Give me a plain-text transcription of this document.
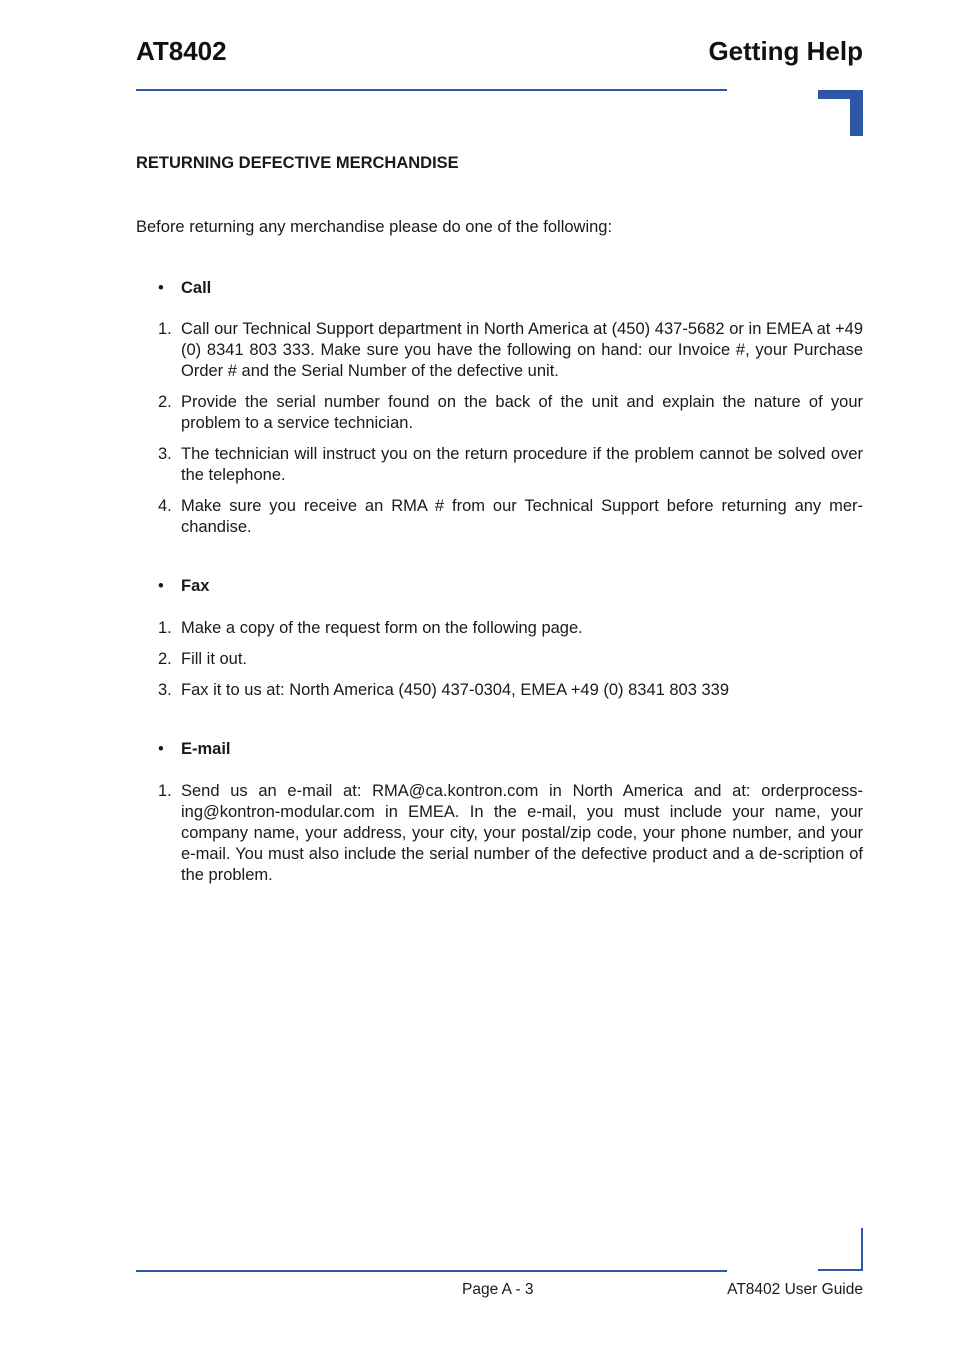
AT8402	Getting Help
RETURNING DEFECTIVE MERCHANDISE
Before returning any merchandise please do one of the following:
• Call
1. Call our Technical Support department in North America at (450) 437-5682 or in EMEA at +49 (0) 8341 803 333. Make sure you have the following on hand: our Invoice #, your Purchase Order # and the Serial Number of the defective unit.
2. Provide the serial number found on the back of the unit and explain the nature of your problem to a service technician.
3. The technician will instruct you on the return procedure if the problem cannot be solved over the telephone.
4. Make sure you receive an RMA # from our Technical Support before returning any mer-chandise.
• Fax
1. Make a copy of the request form on the following page.
2. Fill it out.
3. Fax it to us at: North America (450) 437-0304, EMEA +49 (0) 8341 803 339
• E-mail
1. Send us an e-mail at: RMA@ca.kontron.com in North America and at: orderprocess-ing@kontron-modular.com in EMEA. In the e-mail, you must include your name, your company name, your address, your city, your postal/zip code, your phone number, and your e-mail. You must also include the serial number of the defective product and a de-scription of the problem.
Page A - 3	AT8402 User Guide
